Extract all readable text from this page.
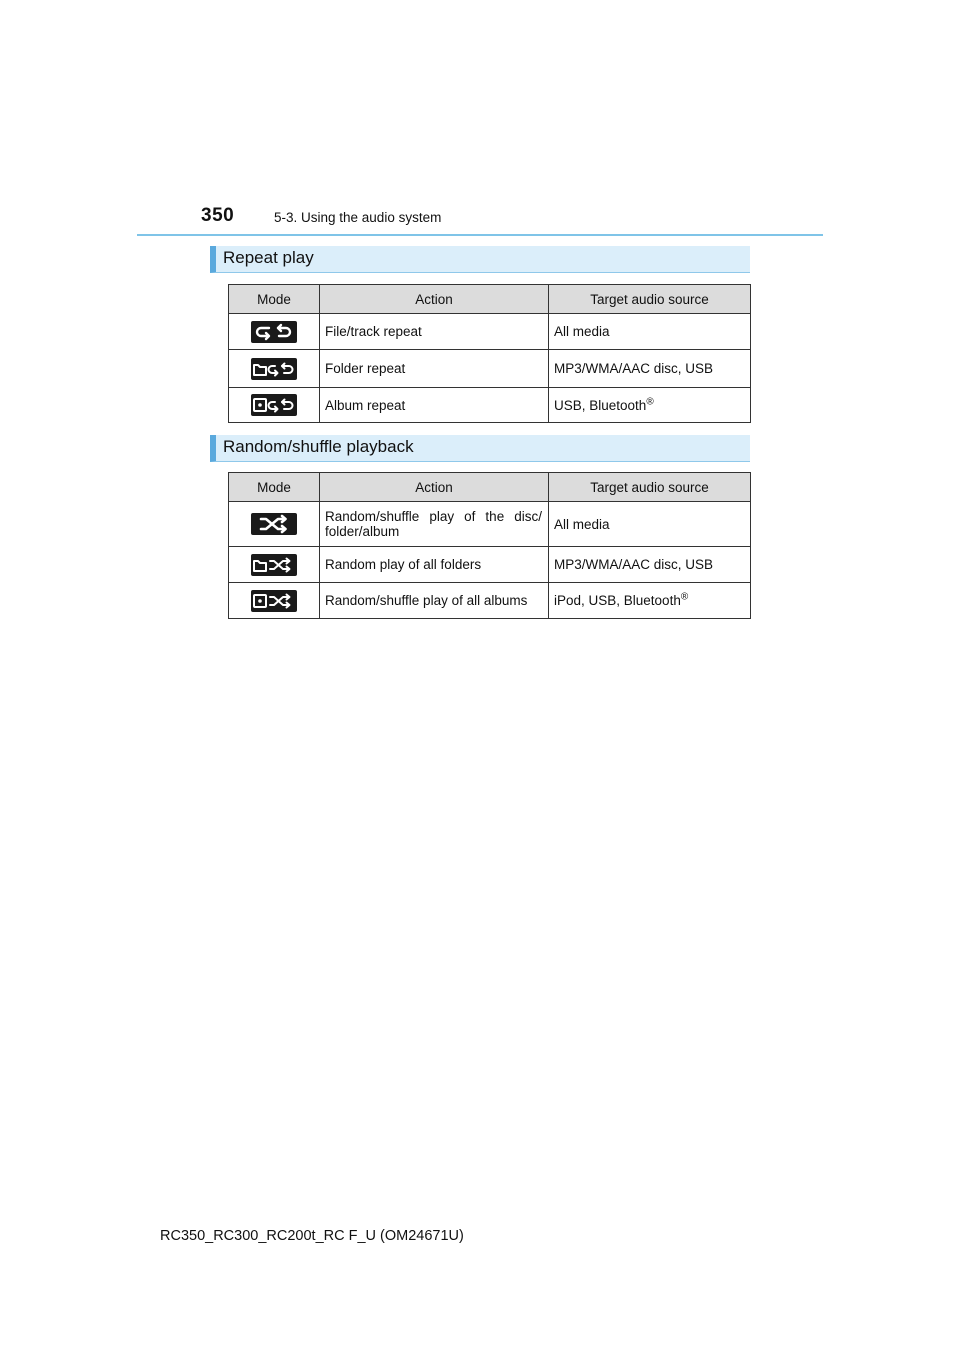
350	5-3. Using the audio system
Repeat play
Mode	Action	Target audio source

	File/track repeat	All media

	Folder repeat	MP3/WMA/AAC disc, USB

	Album repeat	USB, Bluetooth®
Random/shuffle playback
Mode	Action	Target audio source

	Random/shuffle play of the disc/ folder/album	All media

	Random play of all folders	MP3/WMA/AAC disc, USB

	Random/shuffle play of all albums	iPod, USB, Bluetooth®
RC350_RC300_RC200t_RC F_U (OM24671U)
